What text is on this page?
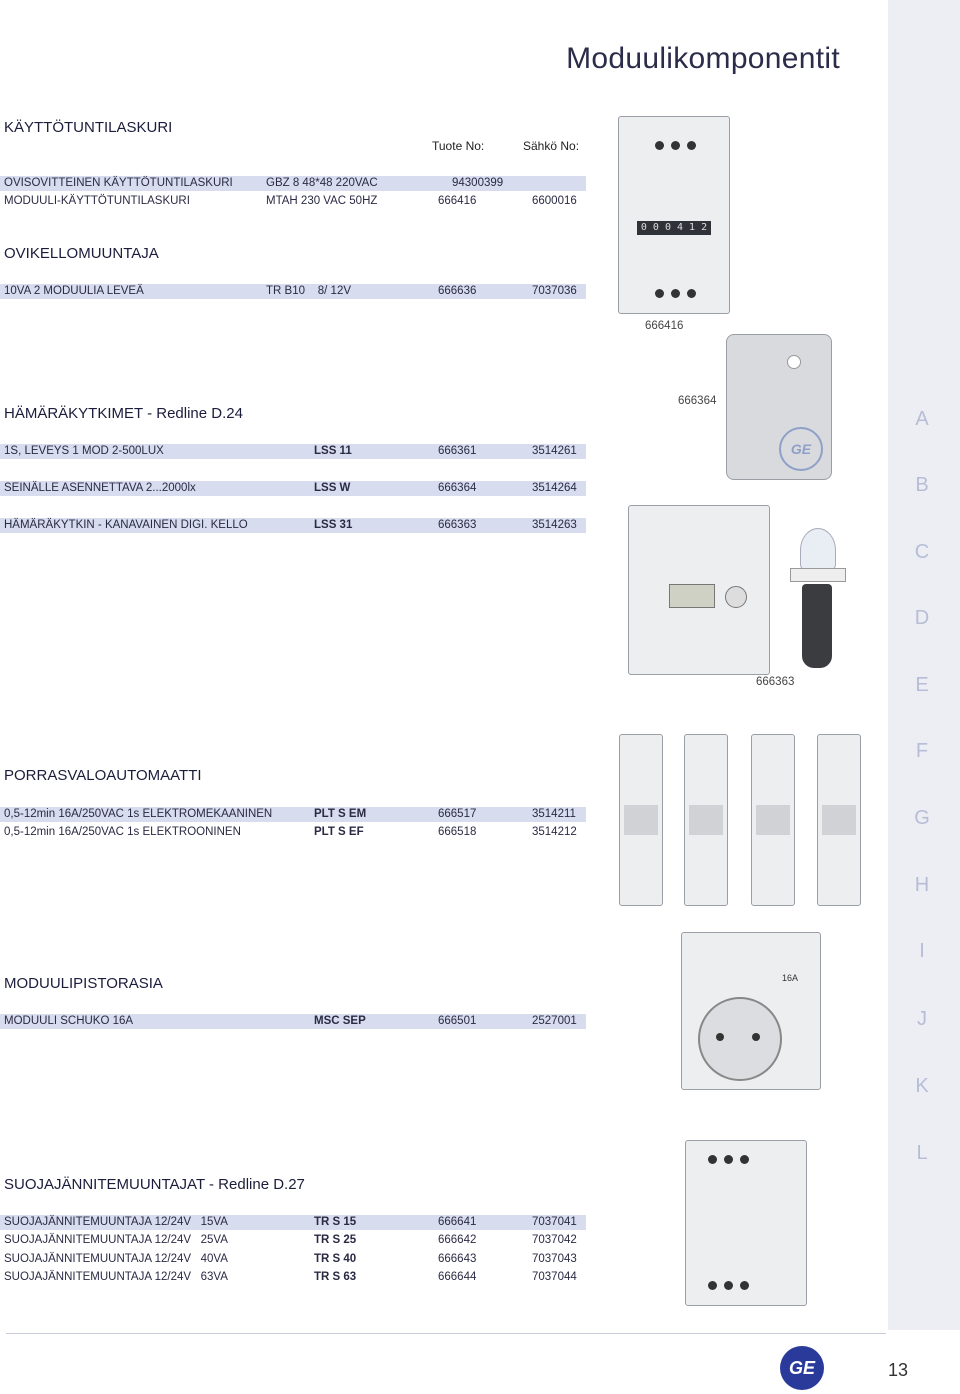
A
B
C
D
E
F
G
H
I
J
K
L
Moduulikomponentit
KÄYTTÖTUNTILASKURI
Tuote No:	Sähkö No:
OVISOVITTEINEN KÄYTTÖTUNTILASKURI	GBZ 8 48*48 220VAC	94300399
MODUULI-KÄYTTÖTUNTILASKURI	MTAH 230 VAC 50HZ	666416	6600016
OVIKELLOMUUNTAJA
10VA 2 MODUULIA LEVEÄ	TR B10    8/ 12V	666636	7037036
HÄMÄRÄKYTKIMET - Redline D.24
1S, LEVEYS 1 MOD 2-500LUX	LSS 11	666361	3514261
SEINÄLLE ASENNETTAVA 2...2000lx	LSS W	666364	3514264
HÄMÄRÄKYTKIN - KANAVAINEN DIGI. KELLO	LSS 31	666363	3514263
PORRASVALOAUTOMAATTI
0,5-12min 16A/250VAC 1s ELEKTROMEKAANINEN	PLT S EM	666517	3514211
0,5-12min 16A/250VAC 1s ELEKTROONINEN	PLT S EF	666518	3514212
MODUULIPISTORASIA
MODUULI SCHUKO 16A	MSC SEP	666501	2527001
SUOJAJÄNNITEMUUNTAJAT - Redline D.27
SUOJAJÄNNITEMUUNTAJA 12/24V   15VA	TR S 15	666641	7037041
SUOJAJÄNNITEMUUNTAJA 12/24V   25VA	TR S 25	666642	7037042
SUOJAJÄNNITEMUUNTAJA 12/24V   40VA	TR S 40	666643	7037043
SUOJAJÄNNITEMUUNTAJA 12/24V   63VA	TR S 63	666644	7037044
0 0 0 4 1 2
666416
GE
666364
666363
16A
GE	13
